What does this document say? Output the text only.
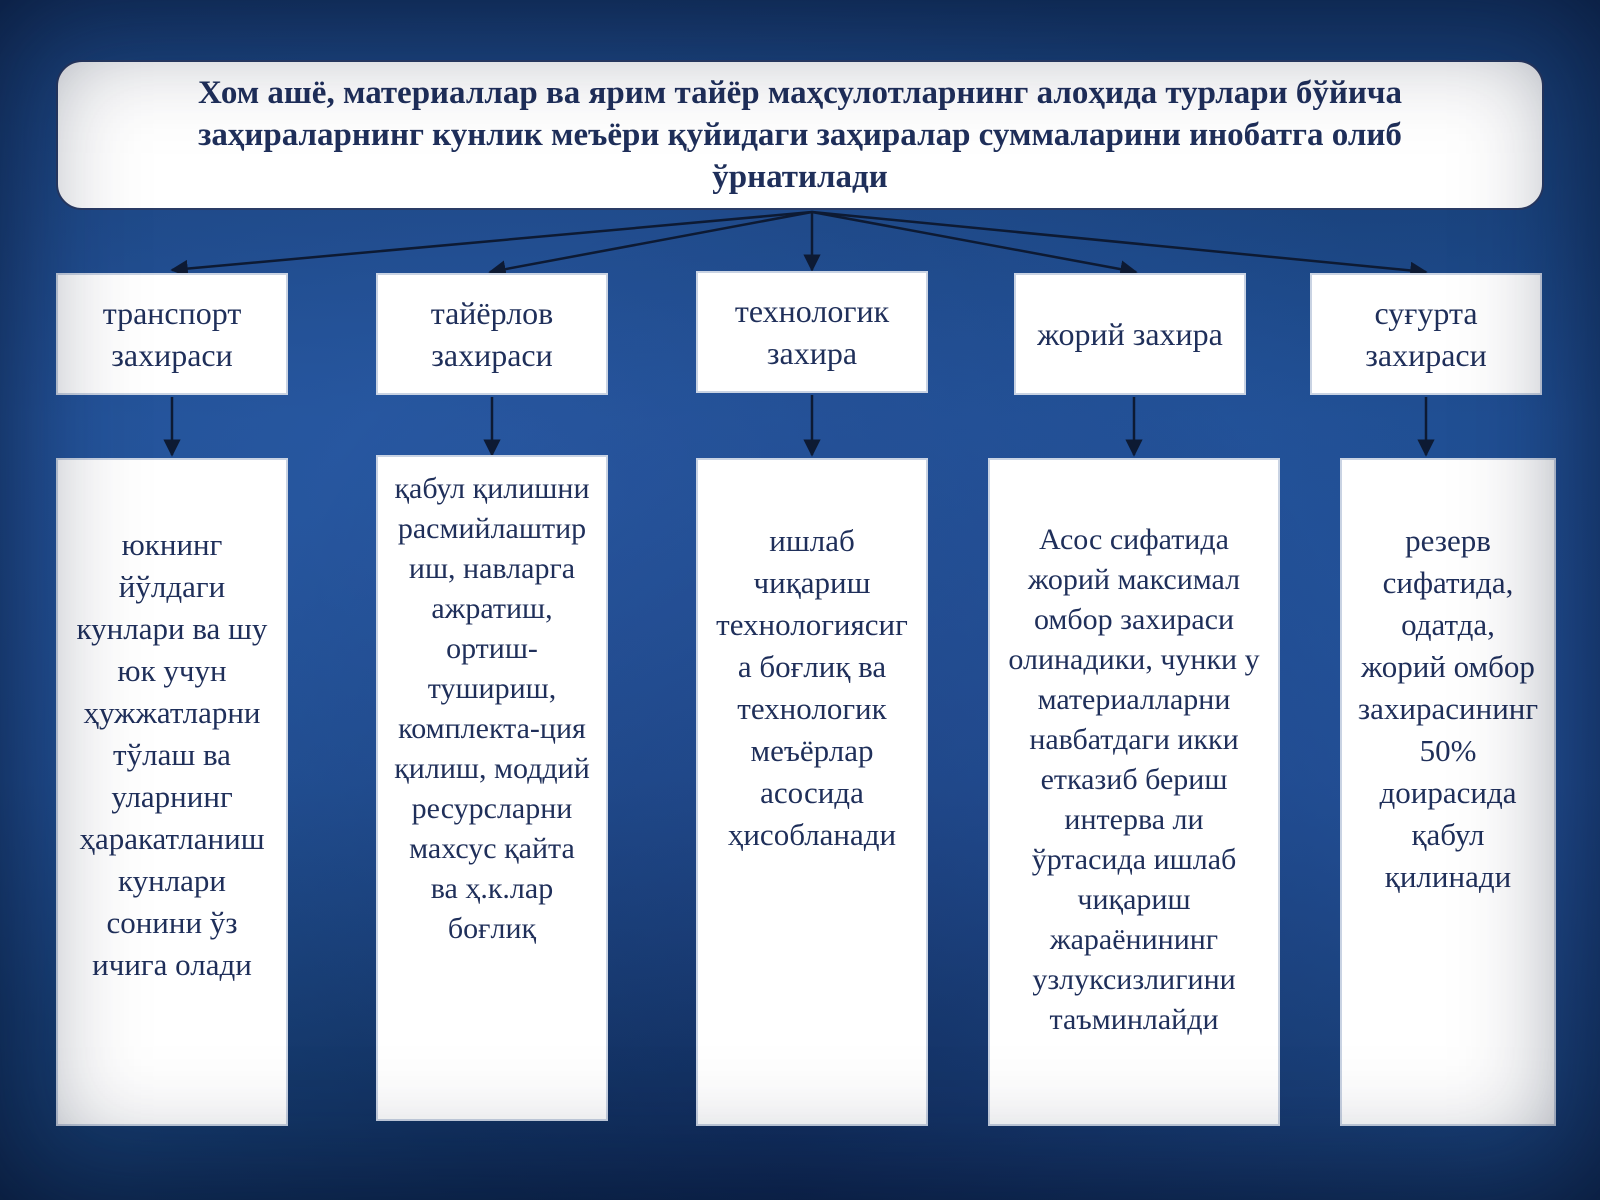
Хом ашё, материаллар ва ярим тайёр маҳсулотларнинг алоҳида турлари бўйича заҳираларнинг кунлик меъёри қуйидаги заҳиралар суммаларини инобатга олиб ўрнатилади
транспорт захираси
тайёрлов захираси
технологик захира
жорий захира
суғурта захираси
юкнинг йўлдаги кунлари ва шу юк учун ҳужжатларни тўлаш ва уларнинг ҳаракатланиш кунлари сонини ўз ичига олади
қабул қилишни расмийлаштириш, навларга ажратиш, ортиш-тушириш, комплекта-ция қилиш, моддий ресурсларни махсус қайта ва ҳ.к.лар боғлиқ
ишлаб чиқариш технологиясига боғлиқ ва технологик меъёрлар асосида ҳисобланади
Асос сифатида жорий максимал омбор захираси олинадики, чунки у материалларни навбатдаги икки етказиб бериш интерва ли ўртасида ишлаб чиқариш жараёнининг узлуксизлигини таъминлайди
резерв сифатида, одатда, жорий омбор захирасининг 50% доирасида қабул қилинади
